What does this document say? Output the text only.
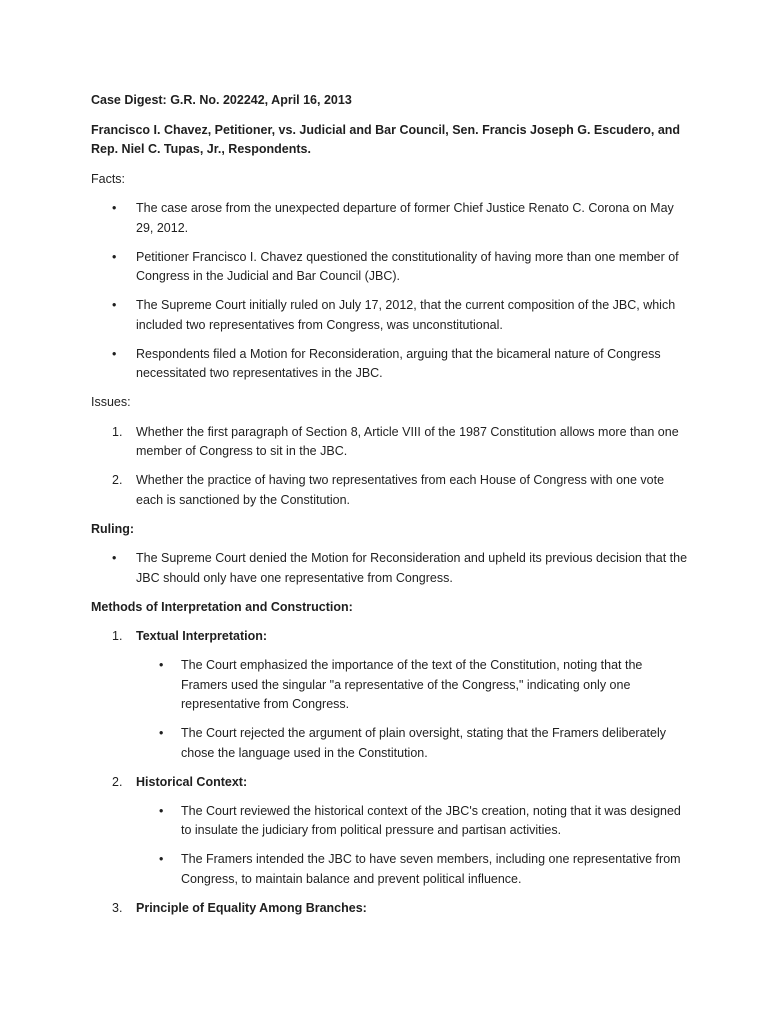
Case Digest: G.R. No. 202242, April 16, 2013

Francisco I. Chavez, Petitioner, vs. Judicial and Bar Council, Sen. Francis Joseph G. Escudero, and Rep. Niel C. Tupas, Jr., Respondents.

Facts:

• The case arose from the unexpected departure of former Chief Justice Renato C. Corona on May 29, 2012.
• Petitioner Francisco I. Chavez questioned the constitutionality of having more than one member of Congress in the Judicial and Bar Council (JBC).
• The Supreme Court initially ruled on July 17, 2012, that the current composition of the JBC, which included two representatives from Congress, was unconstitutional.
• Respondents filed a Motion for Reconsideration, arguing that the bicameral nature of Congress necessitated two representatives in the JBC.

Issues:

1. Whether the first paragraph of Section 8, Article VIII of the 1987 Constitution allows more than one member of Congress to sit in the JBC.
2. Whether the practice of having two representatives from each House of Congress with one vote each is sanctioned by the Constitution.

Ruling:

• The Supreme Court denied the Motion for Reconsideration and upheld its previous decision that the JBC should only have one representative from Congress.

Methods of Interpretation and Construction:

1. Textual Interpretation:
• The Court emphasized the importance of the text of the Constitution, noting that the Framers used the singular "a representative of the Congress," indicating only one representative from Congress.
• The Court rejected the argument of plain oversight, stating that the Framers deliberately chose the language used in the Constitution.
2. Historical Context:
• The Court reviewed the historical context of the JBC's creation, noting that it was designed to insulate the judiciary from political pressure and partisan activities.
• The Framers intended the JBC to have seven members, including one representative from Congress, to maintain balance and prevent political influence.
3. Principle of Equality Among Branches:
